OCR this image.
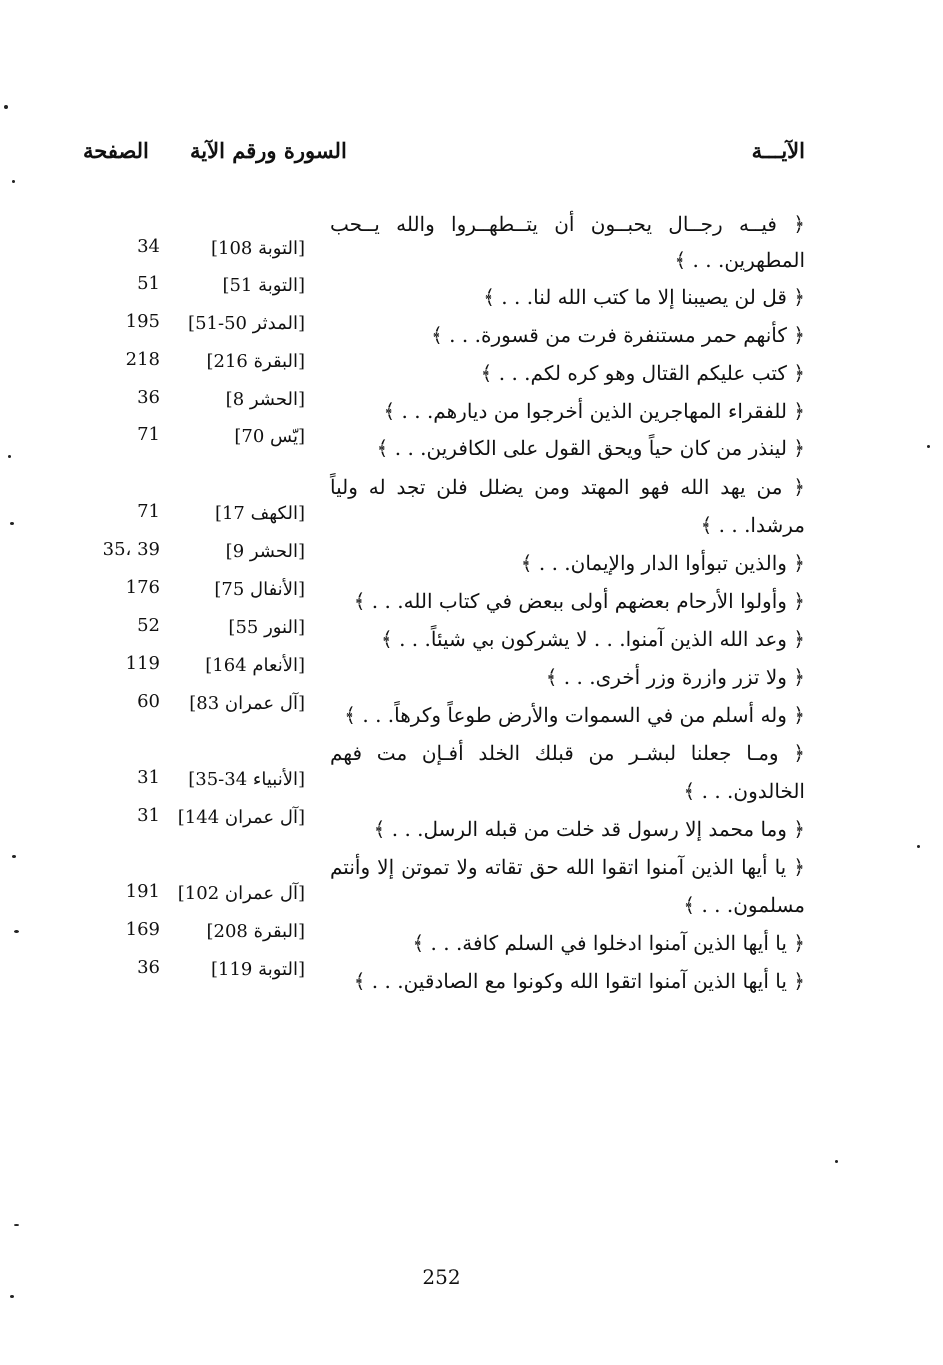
الآيـــة
السورة ورقم الآية
الصفحة
﴿ فيــه رجــال يحبــون أن يتــطهــروا والله يــحب
المطهرين. . . ﴾
[التوبة 108]
34
﴿ قل لن يصيبنا إلا ما كتب الله لنا. . . ﴾
[التوبة 51]
51
﴿ كأنهم حمر مستنفرة فرت من قسورة. . . ﴾
[المدثر 50-51]
195
﴿ كتب عليكم القتال وهو كره لكم. . . ﴾
[البقرة 216]
218
﴿ للفقراء المهاجرين الذين أخرجوا من ديارهم. . . ﴾
[الحشر 8]
36
﴿ لينذر من كان حياً ويحق القول على الكافرين. . . ﴾
[يّس 70]
71
﴿ من يهد الله فهو المهتد ومن يضلل فلن تجد له ولياً
مرشدا. . . ﴾
[الكهف 17]
71
﴿ والذين تبوأوا الدار والإيمان. . . ﴾
[الحشر 9]
35، 39
﴿ وأولوا الأرحام بعضهم أولى ببعض في كتاب الله. . . ﴾
[الأنفال 75]
176
﴿ وعد الله الذين آمنوا. . . لا يشركون بي شيئاً. . . ﴾
[النور 55]
52
﴿ ولا تزر وازرة وزر أخرى. . . ﴾
[الأنعام 164]
119
﴿ وله أسلم من في السموات والأرض طوعاً وكرهاً. . . ﴾
[آل عمران 83]
60
﴿ ومـا جعلنا لبشـر من قبلك الخلد أفـإن مت فهم
الخالدون. . . ﴾
[الأنبياء 34-35]
31
﴿ وما محمد إلا رسول قد خلت من قبله الرسل. . . ﴾
[آل عمران 144]
31
﴿ يا أيها الذين آمنوا اتقوا الله حق تقاته ولا تموتن إلا وأنتم
مسلمون. . . ﴾
[آل عمران 102]
191
﴿ يا أيها الذين آمنوا ادخلوا في السلم كافة. . . ﴾
[البقرة 208]
169
﴿ يا أيها الذين آمنوا اتقوا الله وكونوا مع الصادقين. . . ﴾
[التوبة 119]
36
252
